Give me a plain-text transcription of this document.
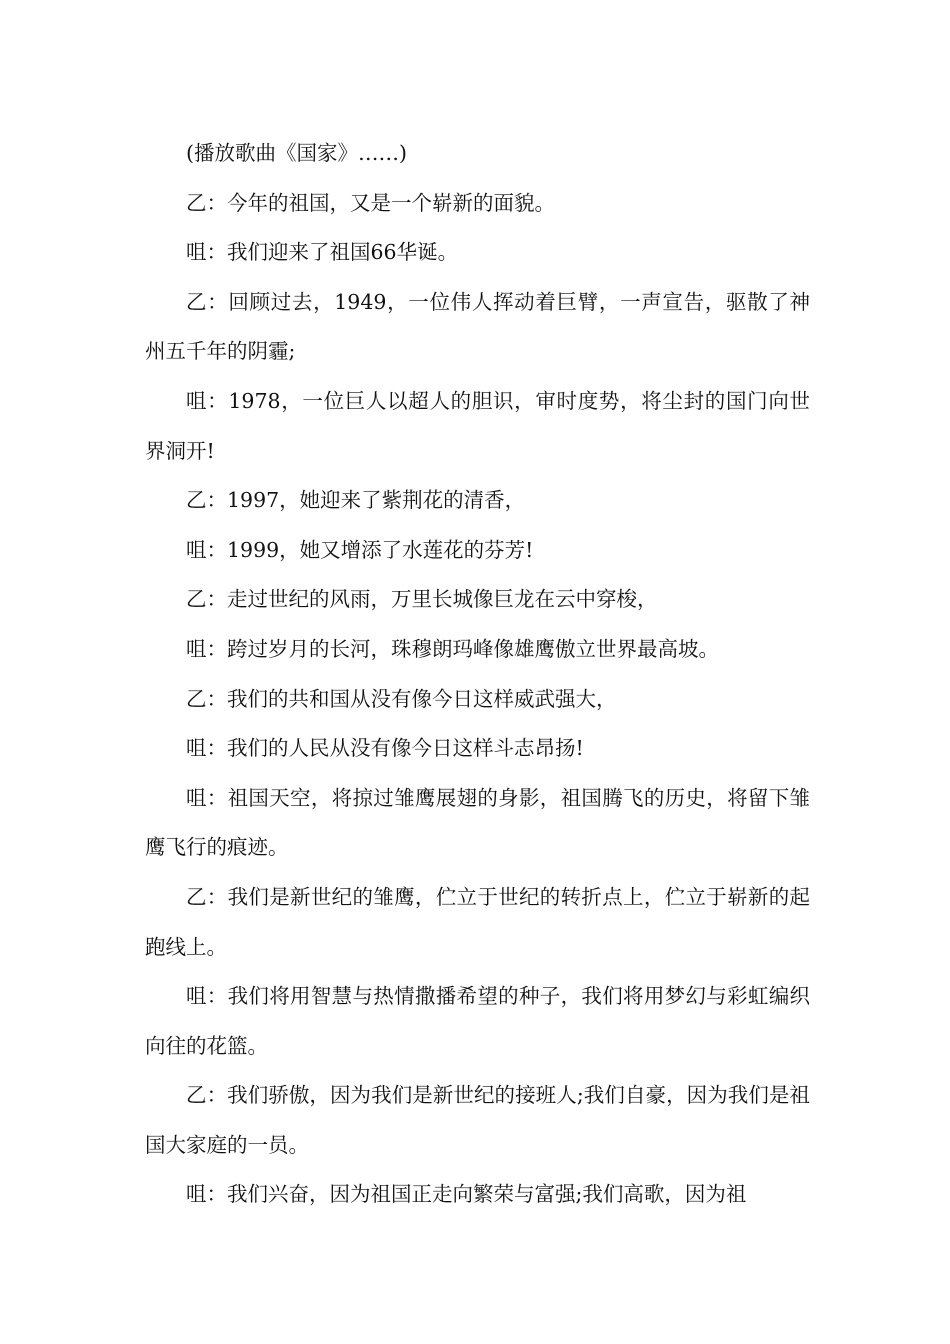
(播放歌曲《国家》……)

乙：今年的祖国，又是一个崭新的面貌。

咀：我们迎来了祖国66华诞。

乙：回顾过去，1949，一位伟人挥动着巨臂，一声宣告，驱散了神州五千年的阴霾;

咀：1978，一位巨人以超人的胆识，审时度势，将尘封的国门向世界洞开!

乙：1997，她迎来了紫荆花的清香，

咀：1999，她又增添了水莲花的芬芳!

乙：走过世纪的风雨，万里长城像巨龙在云中穿梭，

咀：跨过岁月的长河，珠穆朗玛峰像雄鹰傲立世界最高坡。

乙：我们的共和国从没有像今日这样威武强大，

咀：我们的人民从没有像今日这样斗志昂扬!

咀：祖国天空，将掠过雏鹰展翅的身影，祖国腾飞的历史，将留下雏鹰飞行的痕迹。

乙：我们是新世纪的雏鹰，伫立于世纪的转折点上，伫立于崭新的起跑线上。

咀：我们将用智慧与热情撒播希望的种子，我们将用梦幻与彩虹编织向往的花篮。

乙：我们骄傲，因为我们是新世纪的接班人;我们自豪，因为我们是祖国大家庭的一员。

咀：我们兴奋，因为祖国正走向繁荣与富强;我们高歌，因为祖
